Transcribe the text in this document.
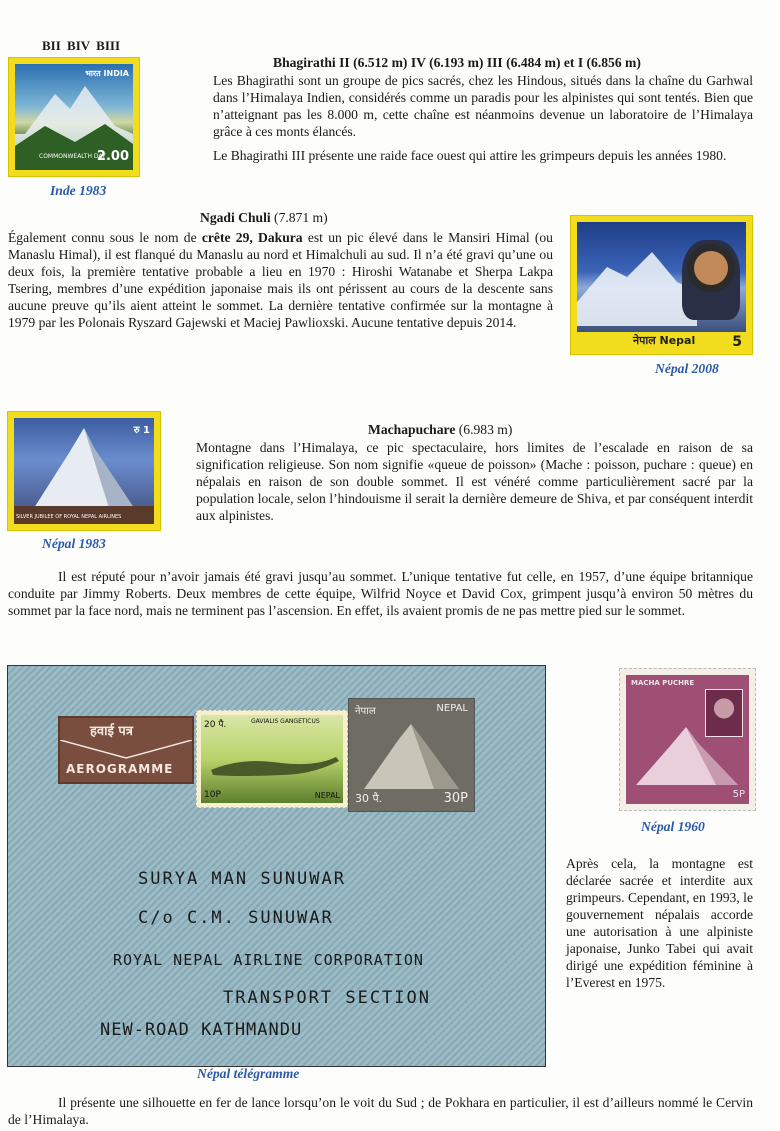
BII BIV BIII
भारत INDIA
COMMONWEALTH DAY
2.00
Inde 1983
Bhagirathi II (6.512 m) IV (6.193 m) III (6.484 m) et I (6.856 m)
Les Bhagirathi sont un groupe de pics sacrés, chez les Hindous, situés dans la chaîne du Garhwal dans l’Himalaya Indien, considérés comme un paradis pour les alpinistes qui sont tentés. Bien que n’atteignant pas les 8.000 m, cette chaîne est néanmoins devenue un laboratoire de l’Himalaya grâce à ces monts élancés.
Le Bhagirathi III présente une raide face ouest qui attire les grimpeurs depuis les années 1980.
Ngadi Chuli (7.871 m)
Également connu sous le nom de crête 29, Dakura est un pic élevé dans le Mansiri Himal (ou Manaslu Himal), il est flanqué du Manaslu au nord et Himalchuli au sud. Il n’a été gravi qu’une ou deux fois, la première tentative probable a lieu en 1970 : Hiroshi Watanabe et Sherpa Lakpa Tsering, membres d’une expédition japonaise mais ils ont périssent au cours de la descente sans aucune preuve qu’ils aient atteint le sommet. La dernière tentative confirmée sur la montagne à 1979 par les Polonais Ryszard Gajewski et Maciej Pawlioxski. Aucune tentative depuis 2014.
नेपाल Nepal	5
Népal 2008
रु 1
SILVER JUBILEE OF ROYAL NEPAL AIRLINES
Népal 1983
Machapuchare (6.983 m)
Montagne dans l’Himalaya, ce pic spectaculaire, hors limites de l’escalade en raison de sa signification religieuse. Son nom signifie «queue de poisson» (Mache : poisson, puchare : queue) en népalais en raison de son double sommet. Il est vénéré comme particulièrement sacré par la population locale, selon l’hindouisme il serait la dernière demeure de Shiva, et par conséquent interdit aux alpinistes.
Il est réputé pour n’avoir jamais été gravi jusqu’au sommet. L’unique tentative fut celle, en 1957, d’une équipe britannique conduite par Jimmy Roberts. Deux membres de cette équipe, Wilfrid Noyce et David Cox, grimpent jusqu’à environ 50 mètres du sommet par la face nord, mais ne terminent pas l’ascension. En effet, ils avaient promis de ne pas mettre pied sur le sommet.
हवाई पत्र
AEROGRAMME
20 पै.	GAVIALIS GANGETICUS
10P	NEPAL
नेपाल	NEPAL
30 पै.	30P
SURYA MAN SUNUWAR
C/o C.M. SUNUWAR
ROYAL NEPAL AIRLINE CORPORATION
TRANSPORT SECTION
NEW-ROAD KATHMANDU
Népal télégramme
MACHA PUCHRE
5P
Népal 1960
Après cela, la montagne est déclarée sacrée et interdite aux grimpeurs. Cependant, en 1993, le gouvernement népalais accorde une autorisation à une alpiniste japonaise, Junko Tabei qui avait dirigé une expédition féminine à l’Everest en 1975.
Il présente une silhouette en fer de lance lorsqu’on le voit du Sud ; de Pokhara en particulier, il est d’ailleurs nommé le Cervin de l’Himalaya.
